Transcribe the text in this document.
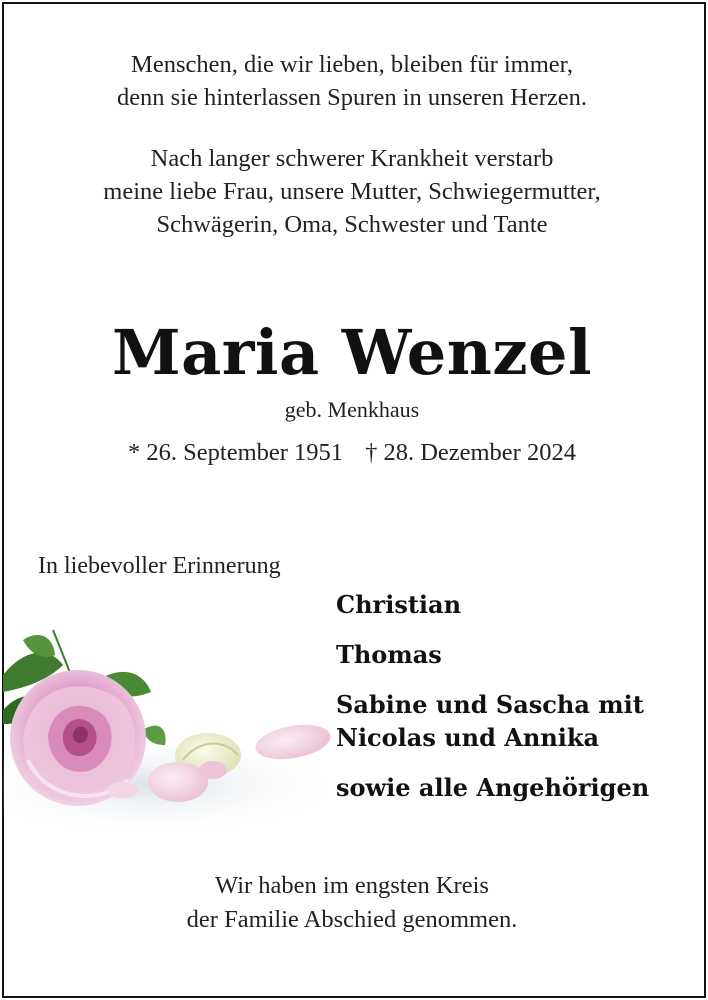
Menschen, die wir lieben, bleiben für immer,
denn sie hinterlassen Spuren in unseren Herzen.
Nach langer schwerer Krankheit verstarb
meine liebe Frau, unsere Mutter, Schwiegermutter,
Schwägerin, Oma, Schwester und Tante
Maria Wenzel
geb. Menkhaus
* 26. September 1951 † 28. Dezember 2024
In liebevoller Erinnerung
Christian
Thomas
Sabine und Sascha mit
Nicolas und Annika
sowie alle Angehörigen
Wir haben im engsten Kreis
der Familie Abschied genommen.
